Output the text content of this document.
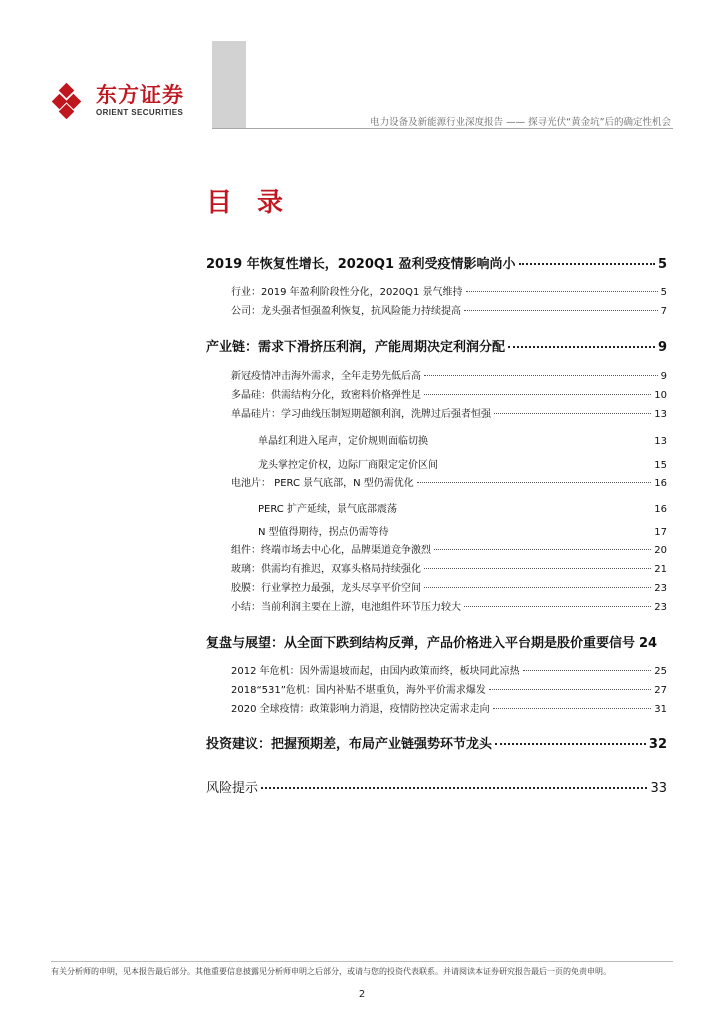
东方证券
ORIENT SECURITIES
电力设备及新能源行业深度报告 —— 探寻光伏“黄金坑”后的确定性机会
目 录
2019 年恢复性增长，2020Q1 盈利受疫情影响尚小	5
行业：2019 年盈利阶段性分化，2020Q1 景气维持	5
公司：龙头强者恒强盈利恢复，抗风险能力持续提高	7
产业链：需求下滑挤压利润，产能周期决定利润分配	9
新冠疫情冲击海外需求，全年走势先低后高	9
多晶硅：供需结构分化，致密料价格弹性足	10
单晶硅片：学习曲线压制短期超额利润，洗牌过后强者恒强	13
单晶红利进入尾声，定价规则面临切换	13
龙头掌控定价权，边际厂商限定定价区间	15
电池片： PERC 景气底部，N 型仍需优化	16
PERC 扩产延续，景气底部震荡	16
N 型值得期待，拐点仍需等待	17
组件：终端市场去中心化，品牌渠道竞争激烈	20
玻璃：供需均有推迟，双寡头格局持续强化	21
胶膜：行业掌控力最强，龙头尽享平价空间	23
小结：当前利润主要在上游，电池组件环节压力较大	23
复盘与展望：从全面下跌到结构反弹，产品价格进入平台期是股价重要信号 24
2012 年危机：因外需退坡而起，由国内政策而终，板块同此凉热	25
2018“531”危机：国内补贴不堪重负，海外平价需求爆发	27
2020 全球疫情：政策影响力消退，疫情防控决定需求走向	31
投资建议：把握预期差，布局产业链强势环节龙头	32
风险提示	33
有关分析师的申明，见本报告最后部分。其他重要信息披露见分析师申明之后部分，或请与您的投资代表联系。并请阅读本证券研究报告最后一页的免责申明。
2
